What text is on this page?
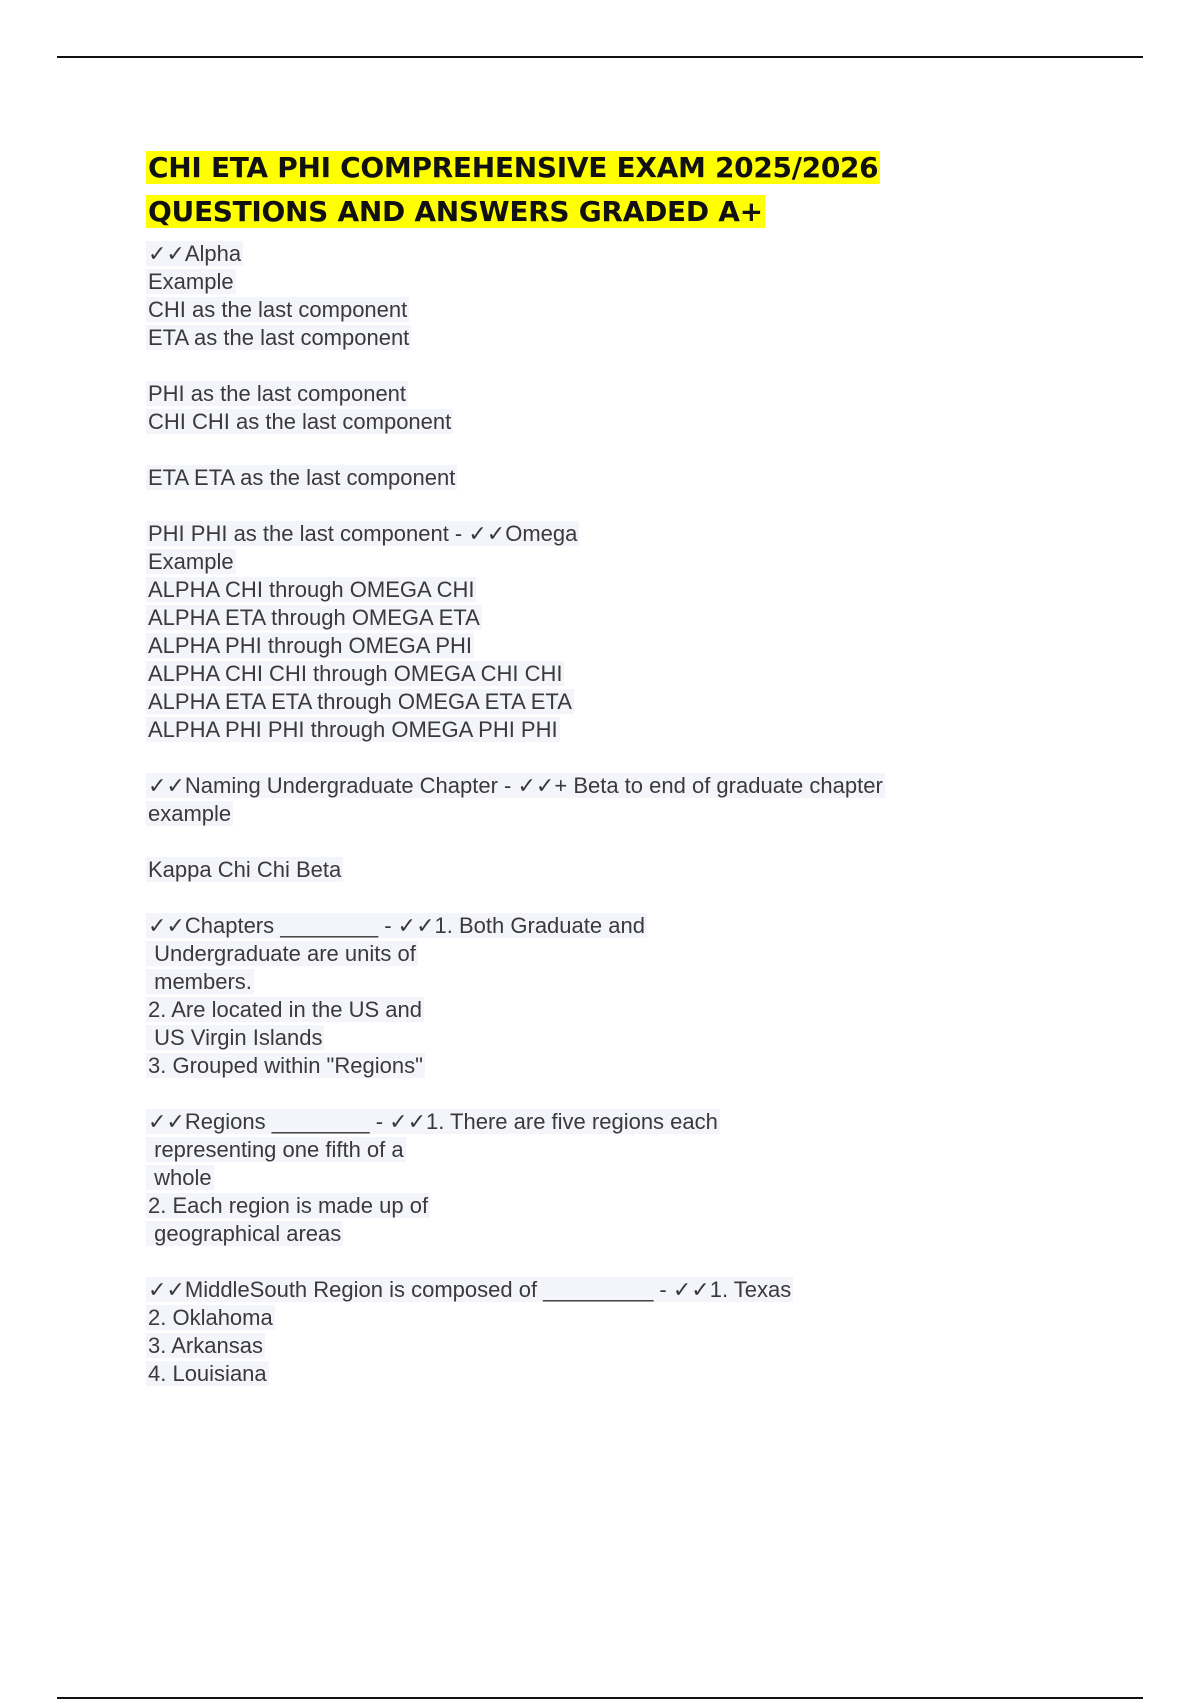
CHI ETA PHI COMPREHENSIVE EXAM 2025/2026
QUESTIONS AND ANSWERS GRADED A+
✓✓Alpha
Example
CHI as the last component
ETA as the last component
PHI as the last component
CHI CHI as the last component
ETA ETA as the last component
PHI PHI as the last component - ✓✓Omega
Example
ALPHA CHI through OMEGA CHI
ALPHA ETA through OMEGA ETA
ALPHA PHI through OMEGA PHI
ALPHA CHI CHI through OMEGA CHI CHI
ALPHA ETA ETA through OMEGA ETA ETA
ALPHA PHI PHI through OMEGA PHI PHI
✓✓Naming Undergraduate Chapter - ✓✓+ Beta to end of graduate chapter
example
Kappa Chi Chi Beta
✓✓Chapters ________ - ✓✓1. Both Graduate and
Undergraduate are units of
members.
2. Are located in the US and
US Virgin Islands
3. Grouped within "Regions"
✓✓Regions ________ - ✓✓1. There are five regions each
representing one fifth of a
whole
2. Each region is made up of
geographical areas
✓✓MiddleSouth Region is composed of _________ - ✓✓1. Texas
2. Oklahoma
3. Arkansas
4. Louisiana
